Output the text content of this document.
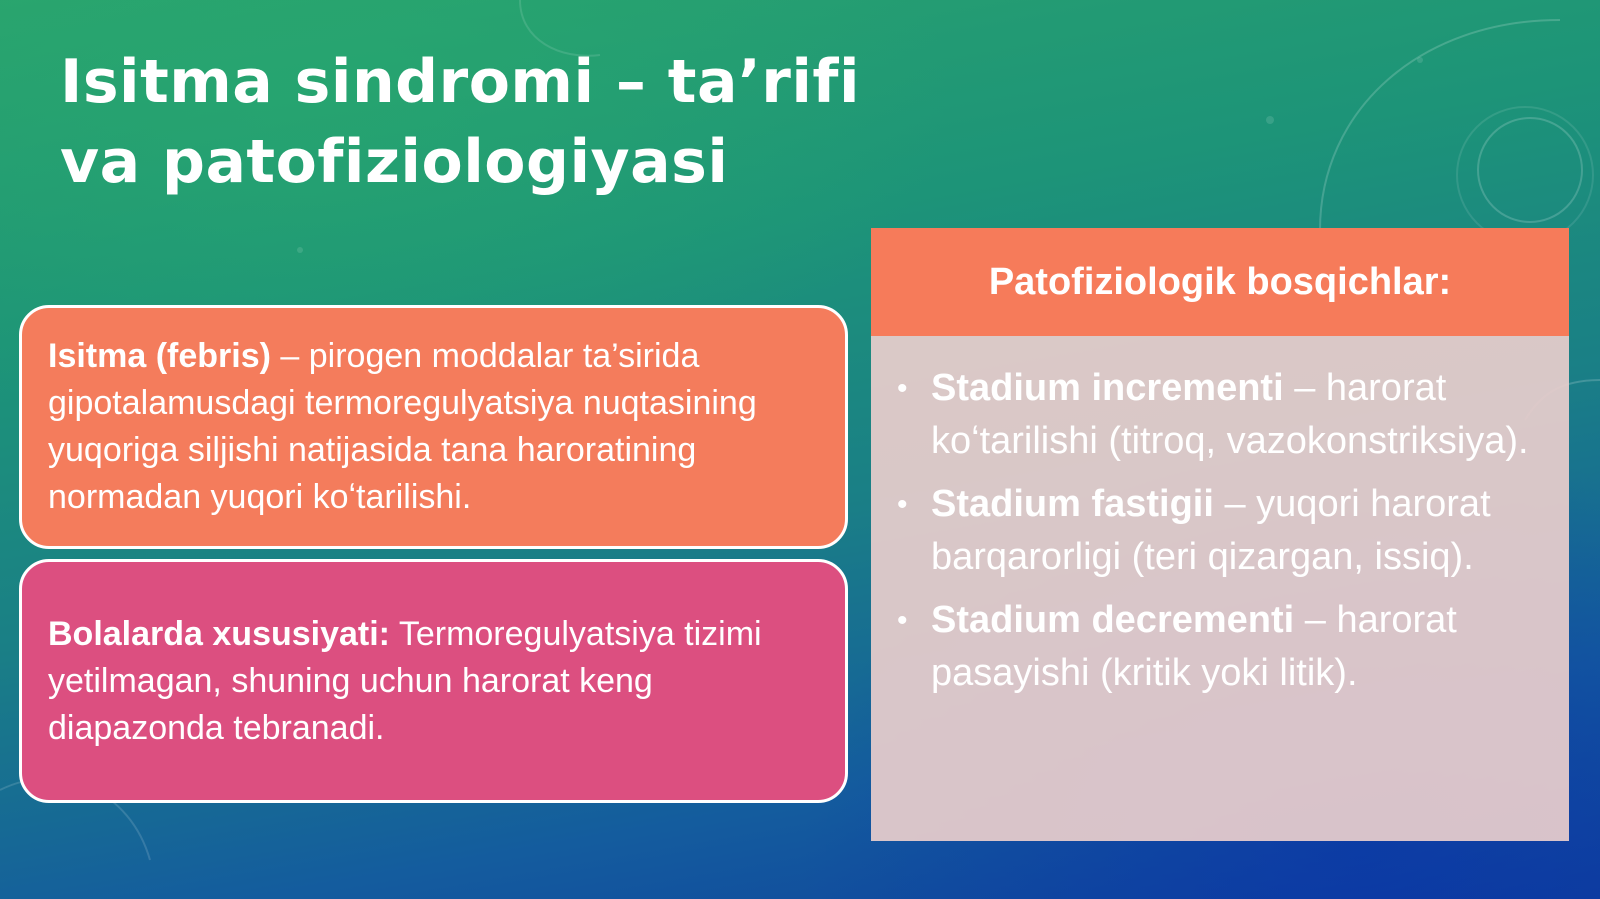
Isitma sindromi – ta’rifi
va patofiziologiyasi

Isitma (febris) – pirogen moddalar ta’sirida gipotalamusdagi termoregulyatsiya nuqtasining yuqoriga siljishi natijasida tana haroratining normadan yuqori koʻtarilishi.

Bolalarda xususiyati: Termoregulyatsiya tizimi yetilmagan, shuning uchun harorat keng diapazonda tebranadi.

Patofiziologik bosqichlar:
• Stadium incrementi – harorat koʻtarilishi (titroq, vazokonstriksiya).
• Stadium fastigii – yuqori harorat barqarorligi (teri qizargan, issiq).
• Stadium decrementi – harorat pasayishi (kritik yoki litik).
